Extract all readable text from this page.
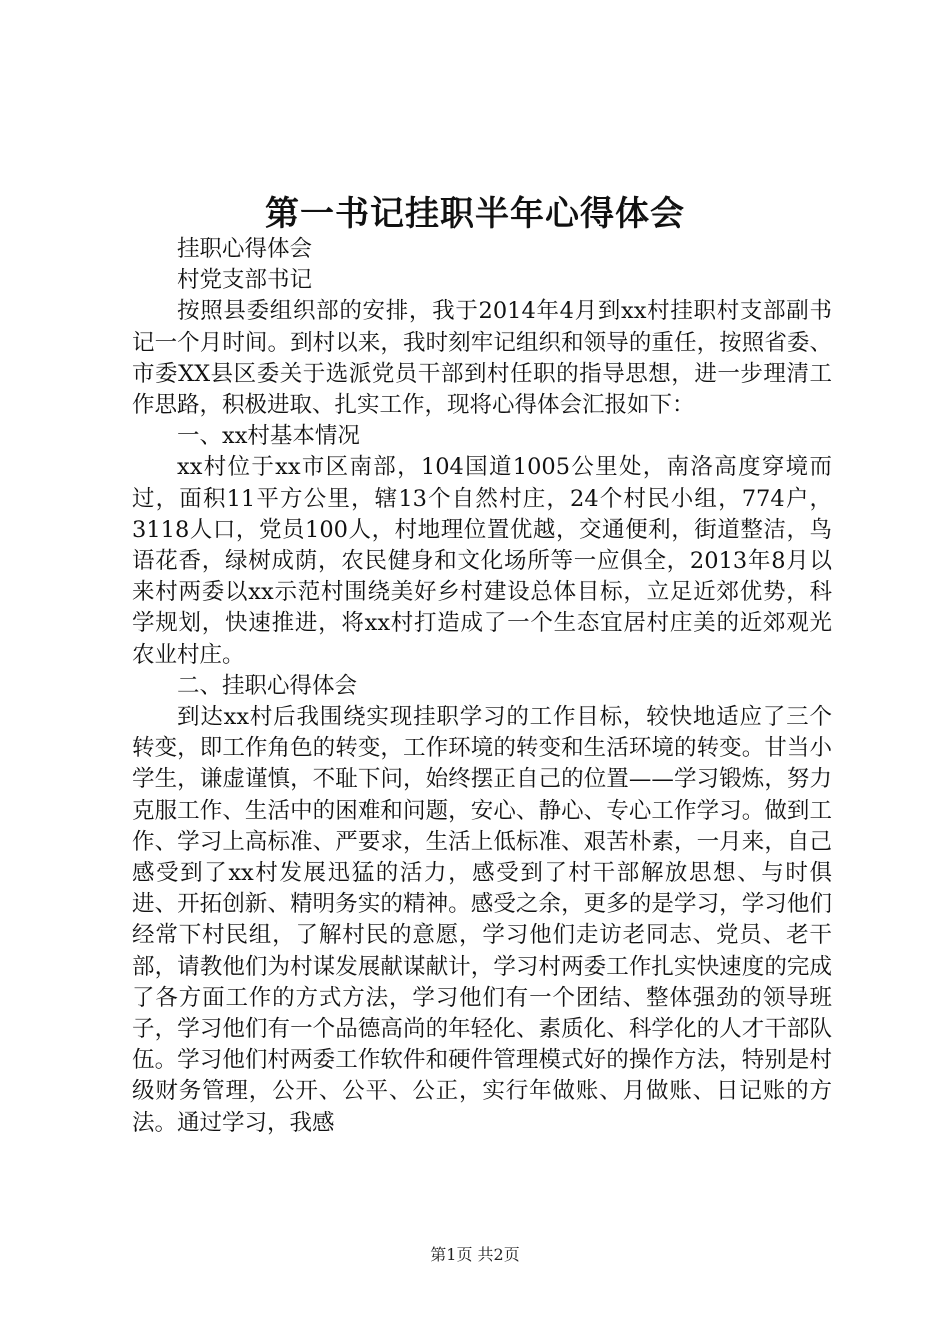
第一书记挂职半年心得体会

挂职心得体会

村党支部书记

按照县委组织部的安排，我于2014年4月到xx村挂职村支部副书记一个月时间。到村以来，我时刻牢记组织和领导的重任，按照省委、市委XX县区委关于选派党员干部到村任职的指导思想，进一步理清工作思路，积极进取、扎实工作，现将心得体会汇报如下：

一、xx村基本情况

xx村位于xx市区南部，104国道1005公里处，南洛高度穿境而过，面积11平方公里，辖13个自然村庄，24个村民小组，774户，3118人口，党员100人，村地理位置优越，交通便利，街道整洁，鸟语花香，绿树成荫，农民健身和文化场所等一应俱全，2013年8月以来村两委以xx示范村围绕美好乡村建设总体目标，立足近郊优势，科学规划，快速推进，将xx村打造成了一个生态宜居村庄美的近郊观光农业村庄。

二、挂职心得体会

到达xx村后我围绕实现挂职学习的工作目标，较快地适应了三个转变，即工作角色的转变，工作环境的转变和生活环境的转变。甘当小学生，谦虚谨慎，不耻下问，始终摆正自己的位置——学习锻炼，努力克服工作、生活中的困难和问题，安心、静心、专心工作学习。做到工作、学习上高标准、严要求，生活上低标准、艰苦朴素，一月来，自己感受到了xx村发展迅猛的活力，感受到了村干部解放思想、与时俱进、开拓创新、精明务实的精神。感受之余，更多的是学习，学习他们经常下村民组，了解村民的意愿，学习他们走访老同志、党员、老干部，请教他们为村谋发展献谋献计，学习村两委工作扎实快速度的完成了各方面工作的方式方法，学习他们有一个团结、整体强劲的领导班子，学习他们有一个品德高尚的年轻化、素质化、科学化的人才干部队伍。学习他们村两委工作软件和硬件管理模式好的操作方法，特别是村级财务管理，公开、公平、公正，实行年做账、月做账、日记账的方法。通过学习，我感

第1页 共2页
